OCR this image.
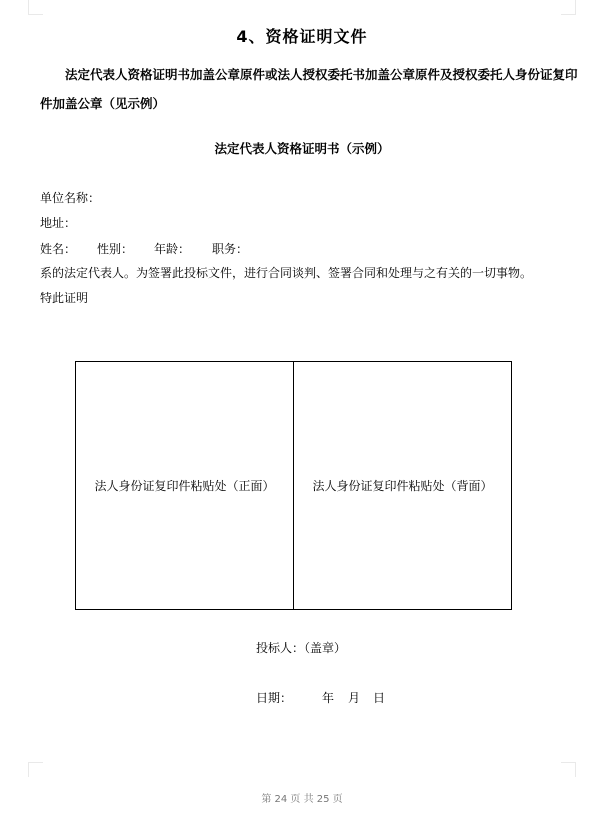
4、资格证明文件
法定代表人资格证明书加盖公章原件或法人授权委托书加盖公章原件及授权委托人身份证复印件加盖公章（见示例）
法定代表人资格证明书（示例）
单位名称：
地址：
姓名： 性别： 年龄： 职务：
系的法定代表人。为签署此投标文件，进行合同谈判、签署合同和处理与之有关的一切事物。
特此证明
法人身份证复印件粘贴处（正面）	法人身份证复印件粘贴处（背面）
投标人：（盖章）
日期： 年 月 日
第 24 页 共 25 页
